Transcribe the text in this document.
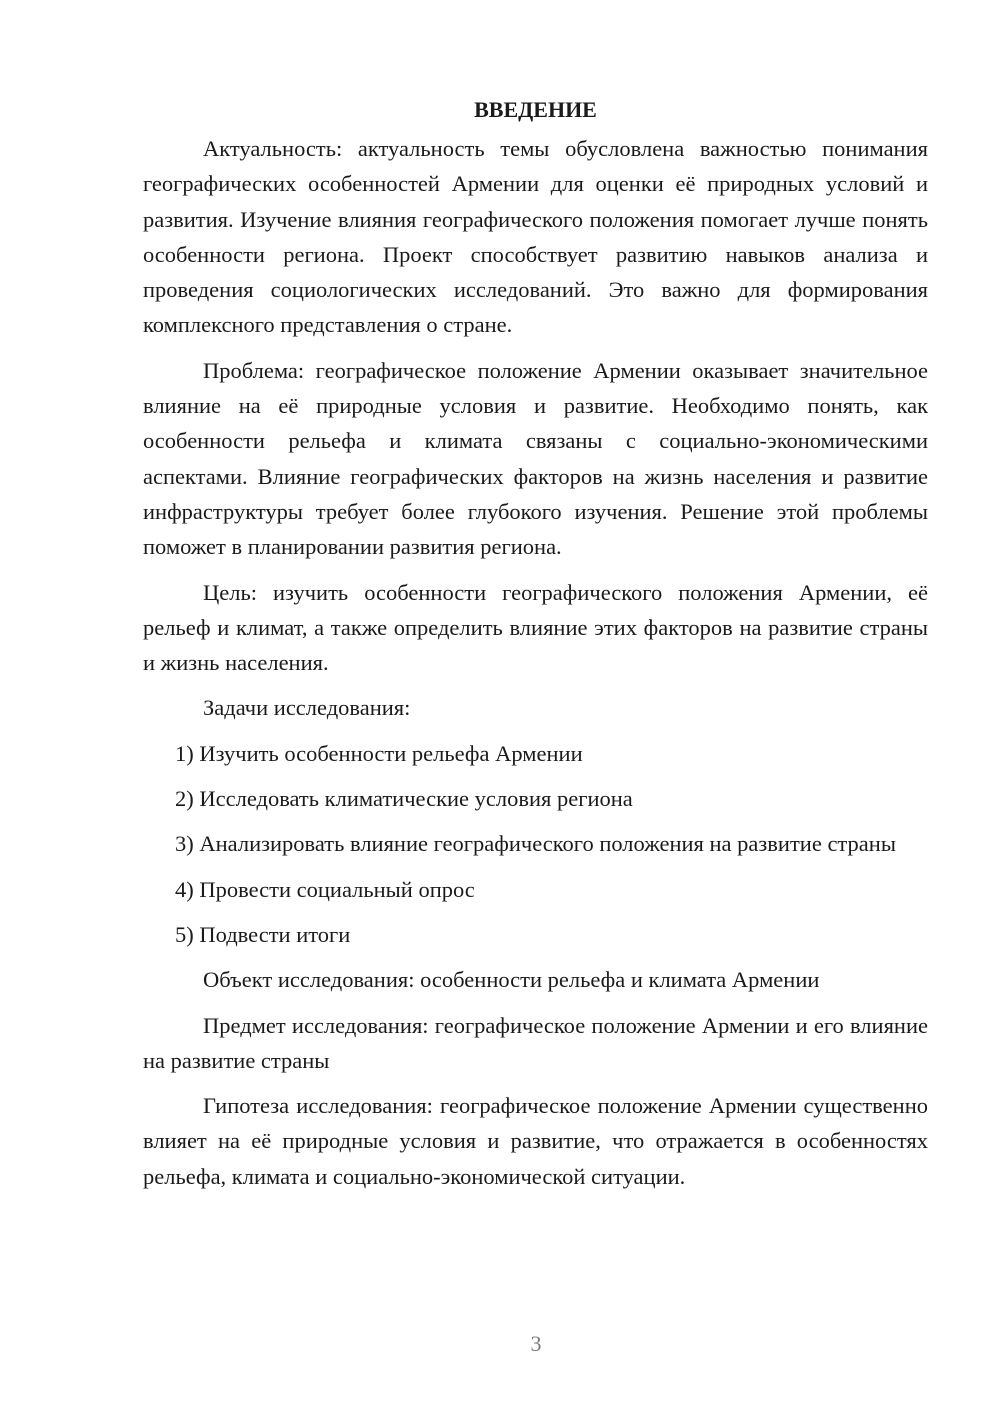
ВВЕДЕНИЕ

Актуальность: актуальность темы обусловлена важностью понимания географических особенностей Армении для оценки её природных условий и развития. Изучение влияния географического положения помогает лучше понять особенности региона. Проект способствует развитию навыков анализа и проведения социологических исследований. Это важно для формирования комплексного представления о стране.

Проблема: географическое положение Армении оказывает значительное влияние на её природные условия и развитие. Необходимо понять, как особенности рельефа и климата связаны с социально-экономическими аспектами. Влияние географических факторов на жизнь населения и развитие инфраструктуры требует более глубокого изучения. Решение этой проблемы поможет в планировании развития региона.

Цель: изучить особенности географического положения Армении, её рельеф и климат, а также определить влияние этих факторов на развитие страны и жизнь населения.

Задачи исследования:

1) Изучить особенности рельефа Армении

2) Исследовать климатические условия региона

3) Анализировать влияние географического положения на развитие страны

4) Провести социальный опрос

5) Подвести итоги

Объект исследования: особенности рельефа и климата Армении

Предмет исследования: географическое положение Армении и его влияние на развитие страны

Гипотеза исследования: географическое положение Армении существенно влияет на её природные условия и развитие, что отражается в особенностях рельефа, климата и социально-экономической ситуации.

3
